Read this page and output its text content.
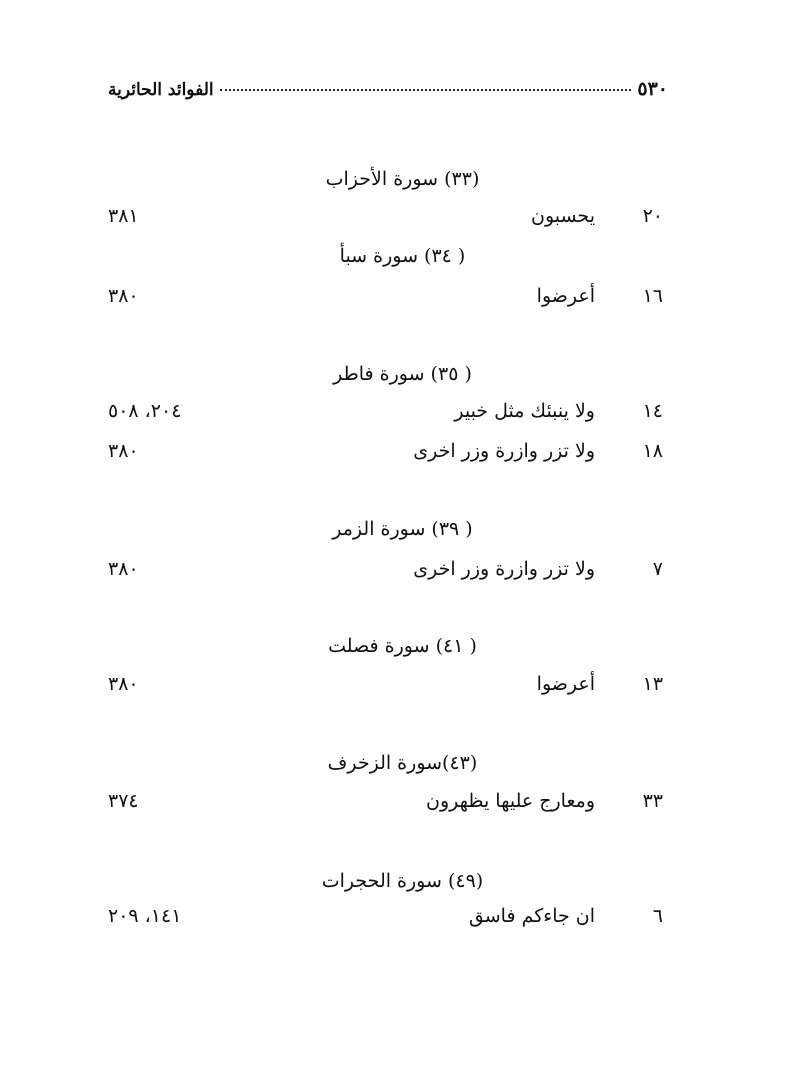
٥٣٠
الفوائد الحائرية
(٣٣) سورة الأحزاب
٢٠
يحسبون
٣٨١
( ٣٤) سورة سبأ
١٦
أعرضوا
٣٨٠
( ٣٥) سورة فاطر
١٤
ولا ينبئك مثل خبير
٢٠٤، ٥٠٨
١٨
ولا تزر وازرة وزر اخرى
٣٨٠
( ٣٩) سورة الزمر
٧
ولا تزر وازرة وزر اخرى
٣٨٠
( ٤١) سورة فصلت
١٣
أعرضوا
٣٨٠
(٤٣)سورة الزخرف
٣٣
ومعارج عليها يظهرون
٣٧٤
(٤٩) سورة الحجرات
٦
ان جاءكم فاسق
١٤١، ٢٠٩
